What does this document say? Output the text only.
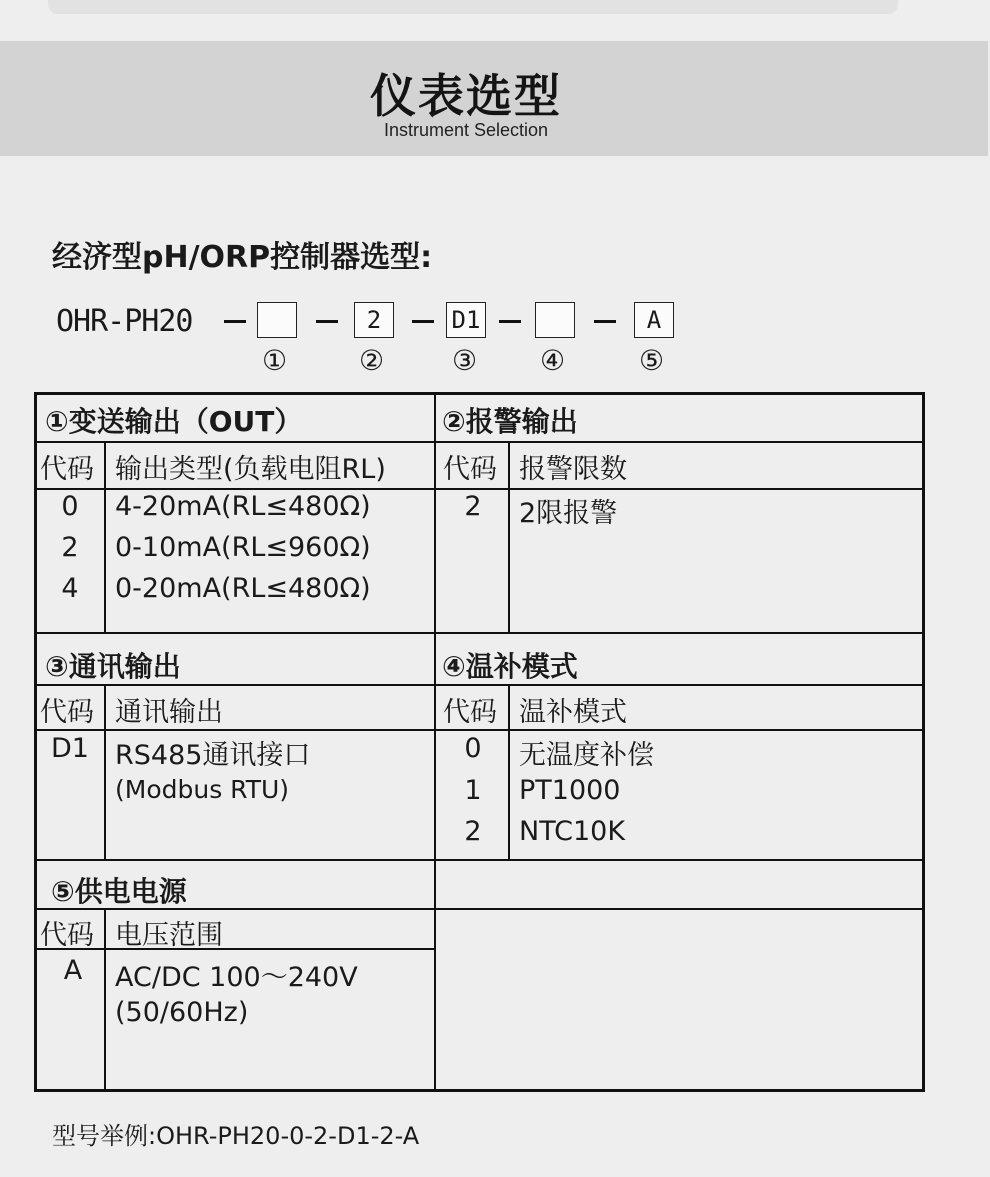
仪表选型
Instrument Selection
经济型pH/ORP控制器选型:
OHR-PH20
①
2
②
D1
③ ④
A
⑤
①变送输出（OUT）
代码 输出类型(负载电阻RL)
0	4-20mA(RL≤480Ω)
2	0-10mA(RL≤960Ω)
4	0-20mA(RL≤480Ω)
②报警输出
代码 报警限数
2	2限报警
③通讯输出
代码 通讯输出
D1 RS485通讯接口
(Modbus RTU)
④温补模式
代码 温补模式
0	无温度补偿
1	PT1000
2	NTC10K
⑤供电电源
代码 电压范围
A	AC/DC 100〜240V
(50/60Hz)
型号举例:OHR-PH20-0-2-D1-2-A
